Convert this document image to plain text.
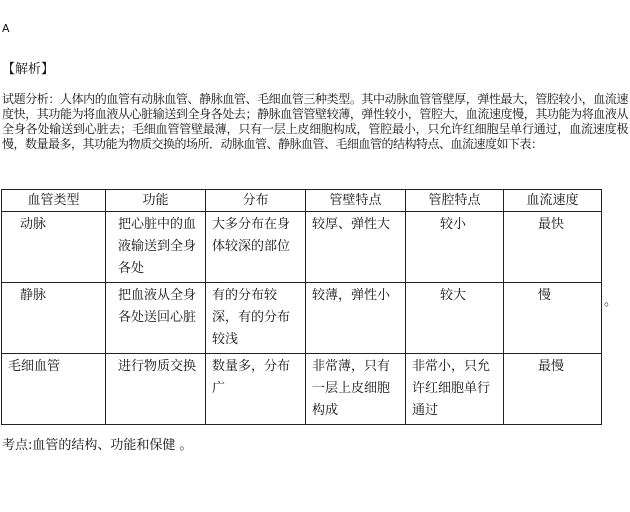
A
【解析】
试题分析：人体内的血管有动脉血管、静脉血管、毛细血管三种类型。其中动脉血管管壁厚，弹性最大，管腔较小，血流速度快，其功能为将血液从心脏输送到全身各处去；静脉血管管壁较薄，弹性较小，管腔大，血流速度慢，其功能为将血液从全身各处输送到心脏去；毛细血管管壁最薄，只有一层上皮细胞构成，管腔最小，只允许红细胞呈单行通过，血流速度极慢，数量最多，其功能为物质交换的场所．动脉血管、静脉血管、毛细血管的结构特点、血流速度如下表：
血管类型	功能	分布	管壁特点	管腔特点	血流速度
动脉	把心脏中的血液输送到全身各处	大多分布在身体较深的部位	较厚、弹性大	较小	最快
静脉	把血液从全身各处送回心脏	有的分布较深，有的分布较浅	较薄，弹性小	较大	慢
毛细血管	进行物质交换	数量多，分布广	非常薄，只有一层上皮细胞构成	非常小，只允许红细胞单行通过	最慢
。
考点:血管的结构、功能和保健 。
